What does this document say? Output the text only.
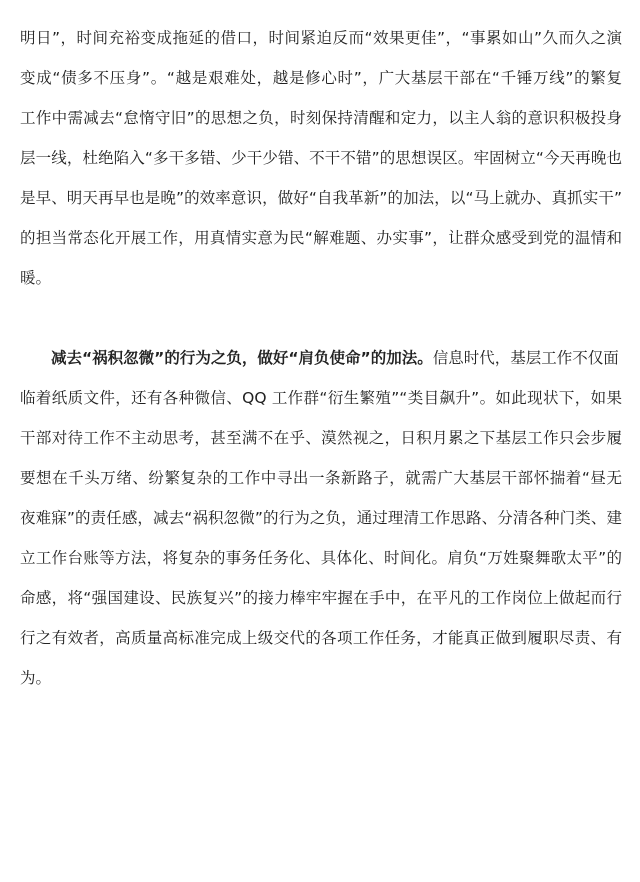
明日”，时间充裕变成拖延的借口，时间紧迫反而“效果更佳”，“事累如山”久而久之演
变成“债多不压身”。“越是艰难处，越是修心时”，广大基层干部在“千锤万线”的繁复
工作中需减去“怠惰守旧”的思想之负，时刻保持清醒和定力，以主人翁的意识积极投身
层一线，杜绝陷入“多干多错、少干少错、不干不错”的思想误区。牢固树立“今天再晚也
是早、明天再早也是晚”的效率意识，做好“自我革新”的加法，以“马上就办、真抓实干”
的担当常态化开展工作，用真情实意为民“解难题、办实事”，让群众感受到党的温情和
暖。
减去“祸积忽微”的行为之负，做好“肩负使命”的加法。信息时代，基层工作不仅面
临着纸质文件，还有各种微信、QQ 工作群“衍生繁殖”“类目飙升”。如此现状下，如果
干部对待工作不主动思考，甚至满不在乎、漠然视之，日积月累之下基层工作只会步履
要想在千头万绪、纷繁复杂的工作中寻出一条新路子，就需广大基层干部怀揣着“昼无
夜难寐”的责任感，减去“祸积忽微”的行为之负，通过理清工作思路、分清各种门类、建
立工作台账等方法，将复杂的事务任务化、具体化、时间化。肩负“万姓聚舞歌太平”的
命感，将“强国建设、民族复兴”的接力棒牢牢握在手中，在平凡的工作岗位上做起而行
行之有效者，高质量高标准完成上级交代的各项工作任务，才能真正做到履职尽责、有
为。
